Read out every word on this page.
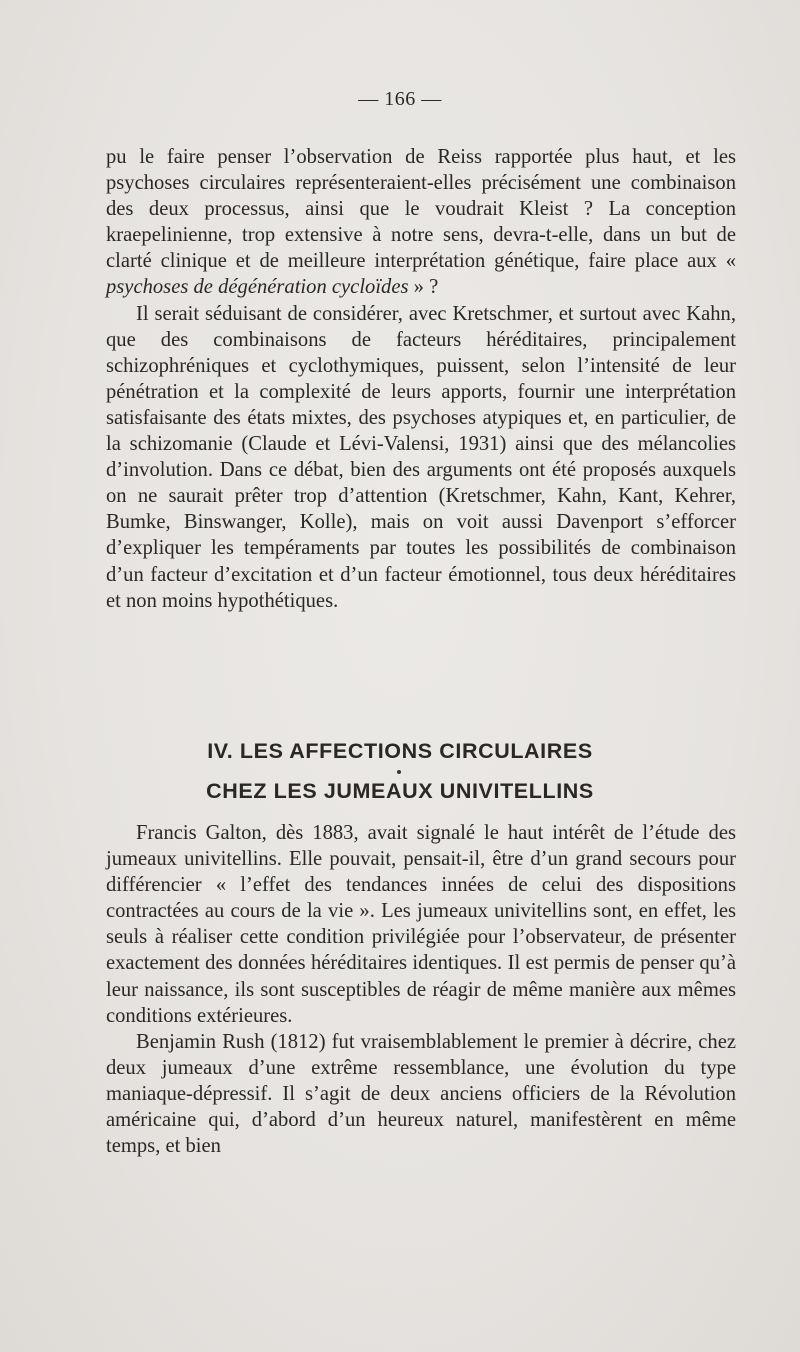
— 166 —

pu le faire penser l’observation de Reiss rapportée plus haut, et les psychoses circulaires représenteraient-elles précisément une combinaison des deux processus, ainsi que le voudrait Kleist ? La conception kraepelinienne, trop extensive à notre sens, devra-t-elle, dans un but de clarté clinique et de meilleure interprétation génétique, faire place aux « psychoses de dégénération cycloïdes » ?

Il serait séduisant de considérer, avec Kretschmer, et surtout avec Kahn, que des combinaisons de facteurs héréditaires, principalement schizophréniques et cyclothymiques, puissent, selon l’intensité de leur pénétration et la complexité de leurs apports, fournir une interprétation satisfaisante des états mixtes, des psychoses atypiques et, en particulier, de la schizomanie (Claude et Lévi-Valensi, 1931) ainsi que des mélancolies d’involution. Dans ce débat, bien des arguments ont été proposés auxquels on ne saurait prêter trop d’attention (Kretschmer, Kahn, Kant, Kehrer, Bumke, Binswanger, Kolle), mais on voit aussi Davenport s’efforcer d’expliquer les tempéraments par toutes les possibilités de combinaison d’un facteur d’excitation et d’un facteur émotionnel, tous deux héréditaires et non moins hypothétiques.

IV. LES AFFECTIONS CIRCULAIRES
CHEZ LES JUMEAUX UNIVITELLINS

Francis Galton, dès 1883, avait signalé le haut intérêt de l’étude des jumeaux univitellins. Elle pouvait, pensait-il, être d’un grand secours pour différencier « l’effet des tendances innées de celui des dispositions contractées au cours de la vie ». Les jumeaux univitellins sont, en effet, les seuls à réaliser cette condition privilégiée pour l’observateur, de présenter exactement des données héréditaires identiques. Il est permis de penser qu’à leur naissance, ils sont susceptibles de réagir de même manière aux mêmes conditions extérieures.

Benjamin Rush (1812) fut vraisemblablement le premier à décrire, chez deux jumeaux d’une extrême ressemblance, une évolution du type maniaque-dépressif. Il s’agit de deux anciens officiers de la Révolution américaine qui, d’abord d’un heureux naturel, manifestèrent en même temps, et bien
